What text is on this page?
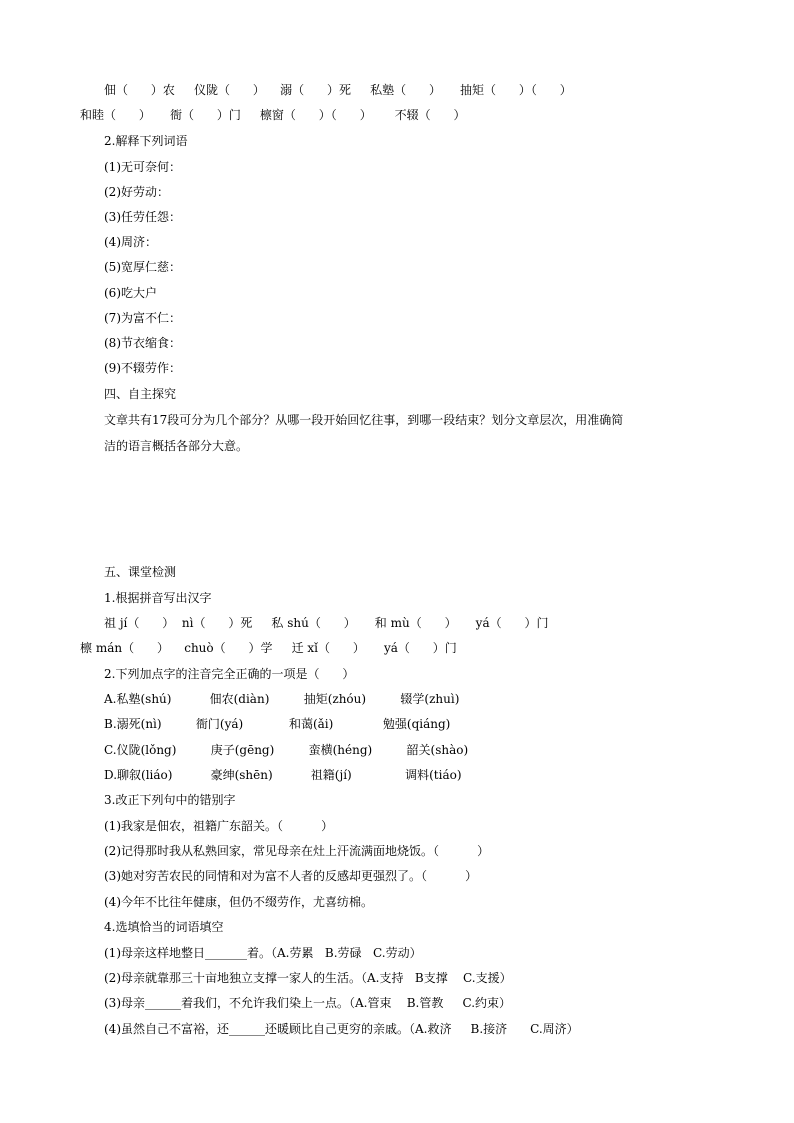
佃（      ）农     仪陇（      ）    溺（      ）死     私塾（      ）     抽矩（      ）（      ）
和睦（      ）     衙（      ）门     檩窗（      ）（      ）      不辍（      ）
2.解释下列词语
(1)无可奈何：
(2)好劳动：
(3)任劳任怨：
(4)周济：
(5)宽厚仁慈：
(6)吃大户
(7)为富不仁：
(8)节衣缩食：
(9)不辍劳作：
四、自主探究
文章共有17段可分为几个部分？从哪一段开始回忆往事，到哪一段结束？划分文章层次，用准确简
洁的语言概括各部分大意。
五、课堂检测
1.根据拼音写出汉字
祖 jí（      ）  nì（      ）死     私 shú（      ）     和 mù（      ）     yá（      ）门
檩 mán（      ）    chuò（      ）学     迁 xǐ（      ）     yá（      ）门
2.下列加点字的注音完全正确的一项是（      ）
A.私塾(shú)          佃农(diàn)         抽矩(zhóu)         辍学(zhuì)
B.溺死(nì)         衙门(yá)            和蔼(ǎi)             勉强(qiáng)
C.仪陇(lǒng)         庚子(gēng)         蛮横(héng)         韶关(shào)
D.聊叙(liáo)          豪绅(shēn)          祖籍(jí)              调料(tiáo)
3.改正下列句中的错别字
(1)我家是佃农，祖籍广东韶关。（          ）
(2)记得那时我从私熟回家，常见母亲在灶上汗流满面地烧饭。（          ）
(3)她对穷苦农民的同情和对为富不人者的反感却更强烈了。（          ）
(4)今年不比往年健康，但仍不缀劳作，尤喜纺棉。
4.选填恰当的词语填空
(1)母亲这样地整日_______着。（A.劳累   B.劳碌   C.劳动）
(2)母亲就靠那三十亩地独立支撑一家人的生活。（A.支持   B支撑    C.支援）
(3)母亲______着我们，不允许我们染上一点。（A.管束    B.管教     C.约束）
(4)虽然自己不富裕，还______还暖顾比自己更穷的亲戚。（A.救济     B.接济      C.周济）
